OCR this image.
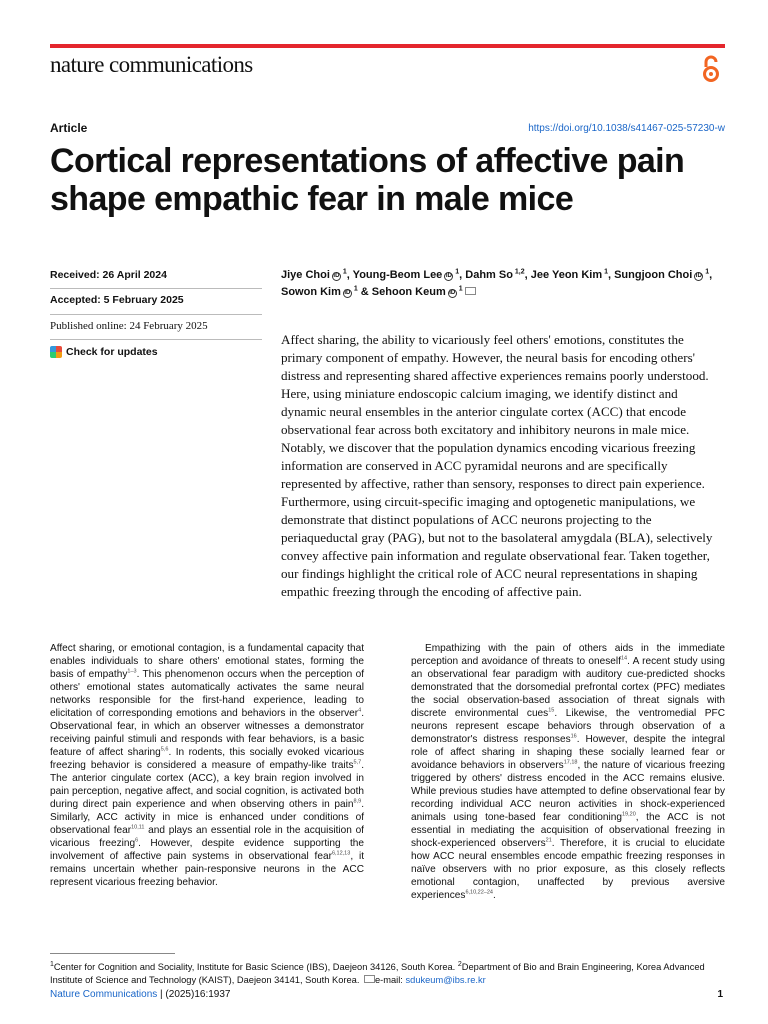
nature communications
Article	https://doi.org/10.1038/s41467-025-57230-w
Cortical representations of affective pain shape empathic fear in male mice
Received: 26 April 2024
Accepted: 5 February 2025
Published online: 24 February 2025
Check for updates
Jiye Choi iD $^1$, Young-Beom Lee iD $^1$, Dahm So $^{1,2}$, Jee Yeon Kim $^1$, Sungjoon Choi iD $^1$, Sowon Kim iD $^1$ & Sehoon Keum iD $^1$

Affect sharing, the ability to vicariously feel others' emotions, constitutes the primary component of empathy. However, the neural basis for encoding others' distress and representing shared affective experiences remains poorly understood. Here, using miniature endoscopic calcium imaging, we identify distinct and dynamic neural ensembles in the anterior cingulate cortex (ACC) that encode observational fear across both excitatory and inhibitory neurons in male mice. Notably, we discover that the population dynamics encoding vicarious freezing information are conserved in ACC pyramidal neurons and are specifically represented by affective, rather than sensory, responses to direct pain experience. Furthermore, using circuit-specific imaging and optogenetic manipulations, we demonstrate that distinct populations of ACC neurons projecting to the periaqueductal gray (PAG), but not to the basolateral amygdala (BLA), selectively convey affective pain information and regulate observational fear. Taken together, our findings highlight the critical role of ACC neural representations in shaping empathic freezing through the encoding of affective pain.

Affect sharing, or emotional contagion, is a fundamental capacity that enables individuals to share others' emotional states, forming the basis of empathy$^{1-3}$. This phenomenon occurs when the perception of others' emotional states automatically activates the same neural networks responsible for the first-hand experience, leading to elicitation of corresponding emotions and behaviors in the observer$^4$. Observational fear, in which an observer witnesses a demonstrator receiving painful stimuli and responds with fear behaviors, is a basic feature of affect sharing$^{5,6}$. In rodents, this socially evoked vicarious freezing behavior is considered a measure of empathy-like traits$^{5,7}$. The anterior cingulate cortex (ACC), a key brain region involved in pain perception, negative affect, and social cognition, is activated both during direct pain experience and when observing others in pain$^{8,9}$. Similarly, ACC activity in mice is enhanced under conditions of observational fear$^{10,11}$ and plays an essential role in the acquisition of vicarious freezing$^6$. However, despite evidence supporting the involvement of affective pain systems in observational fear$^{6,12,13}$, it remains uncertain whether pain-responsive neurons in the ACC represent vicarious freezing behavior.
Empathizing with the pain of others aids in the immediate perception and avoidance of threats to oneself$^{14}$. A recent study using an observational fear paradigm with auditory cue-predicted shocks demonstrated that the dorsomedial prefrontal cortex (PFC) mediates the social observation-based association of threat signals with discrete environmental cues$^{15}$. Likewise, the ventromedial PFC neurons represent escape behaviors through observation of a demonstrator's distress responses$^{16}$. However, despite the integral role of affect sharing in shaping these socially learned fear or avoidance behaviors in observers$^{17,18}$, the nature of vicarious freezing triggered by others' distress encoded in the ACC remains elusive. While previous studies have attempted to define observational fear by recording individual ACC neuron activities in shock-experienced animals using tone-based fear conditioning$^{19,20}$, the ACC is not essential in mediating the acquisition of observational freezing in shock-experienced observers$^{21}$. Therefore, it is crucial to elucidate how ACC neural ensembles encode empathic freezing responses in naïve observers with no prior exposure, as this closely reflects emotional contagion, unaffected by previous aversive experiences$^{6,10,22-24}$.
$^1$Center for Cognition and Sociality, Institute for Basic Science (IBS), Daejeon 34126, South Korea. $^2$Department of Bio and Brain Engineering, Korea Advanced Institute of Science and Technology (KAIST), Daejeon 34141, South Korea. e-mail: sdukeum@ibs.re.kr
Nature Communications | (2025)16:1937	1
